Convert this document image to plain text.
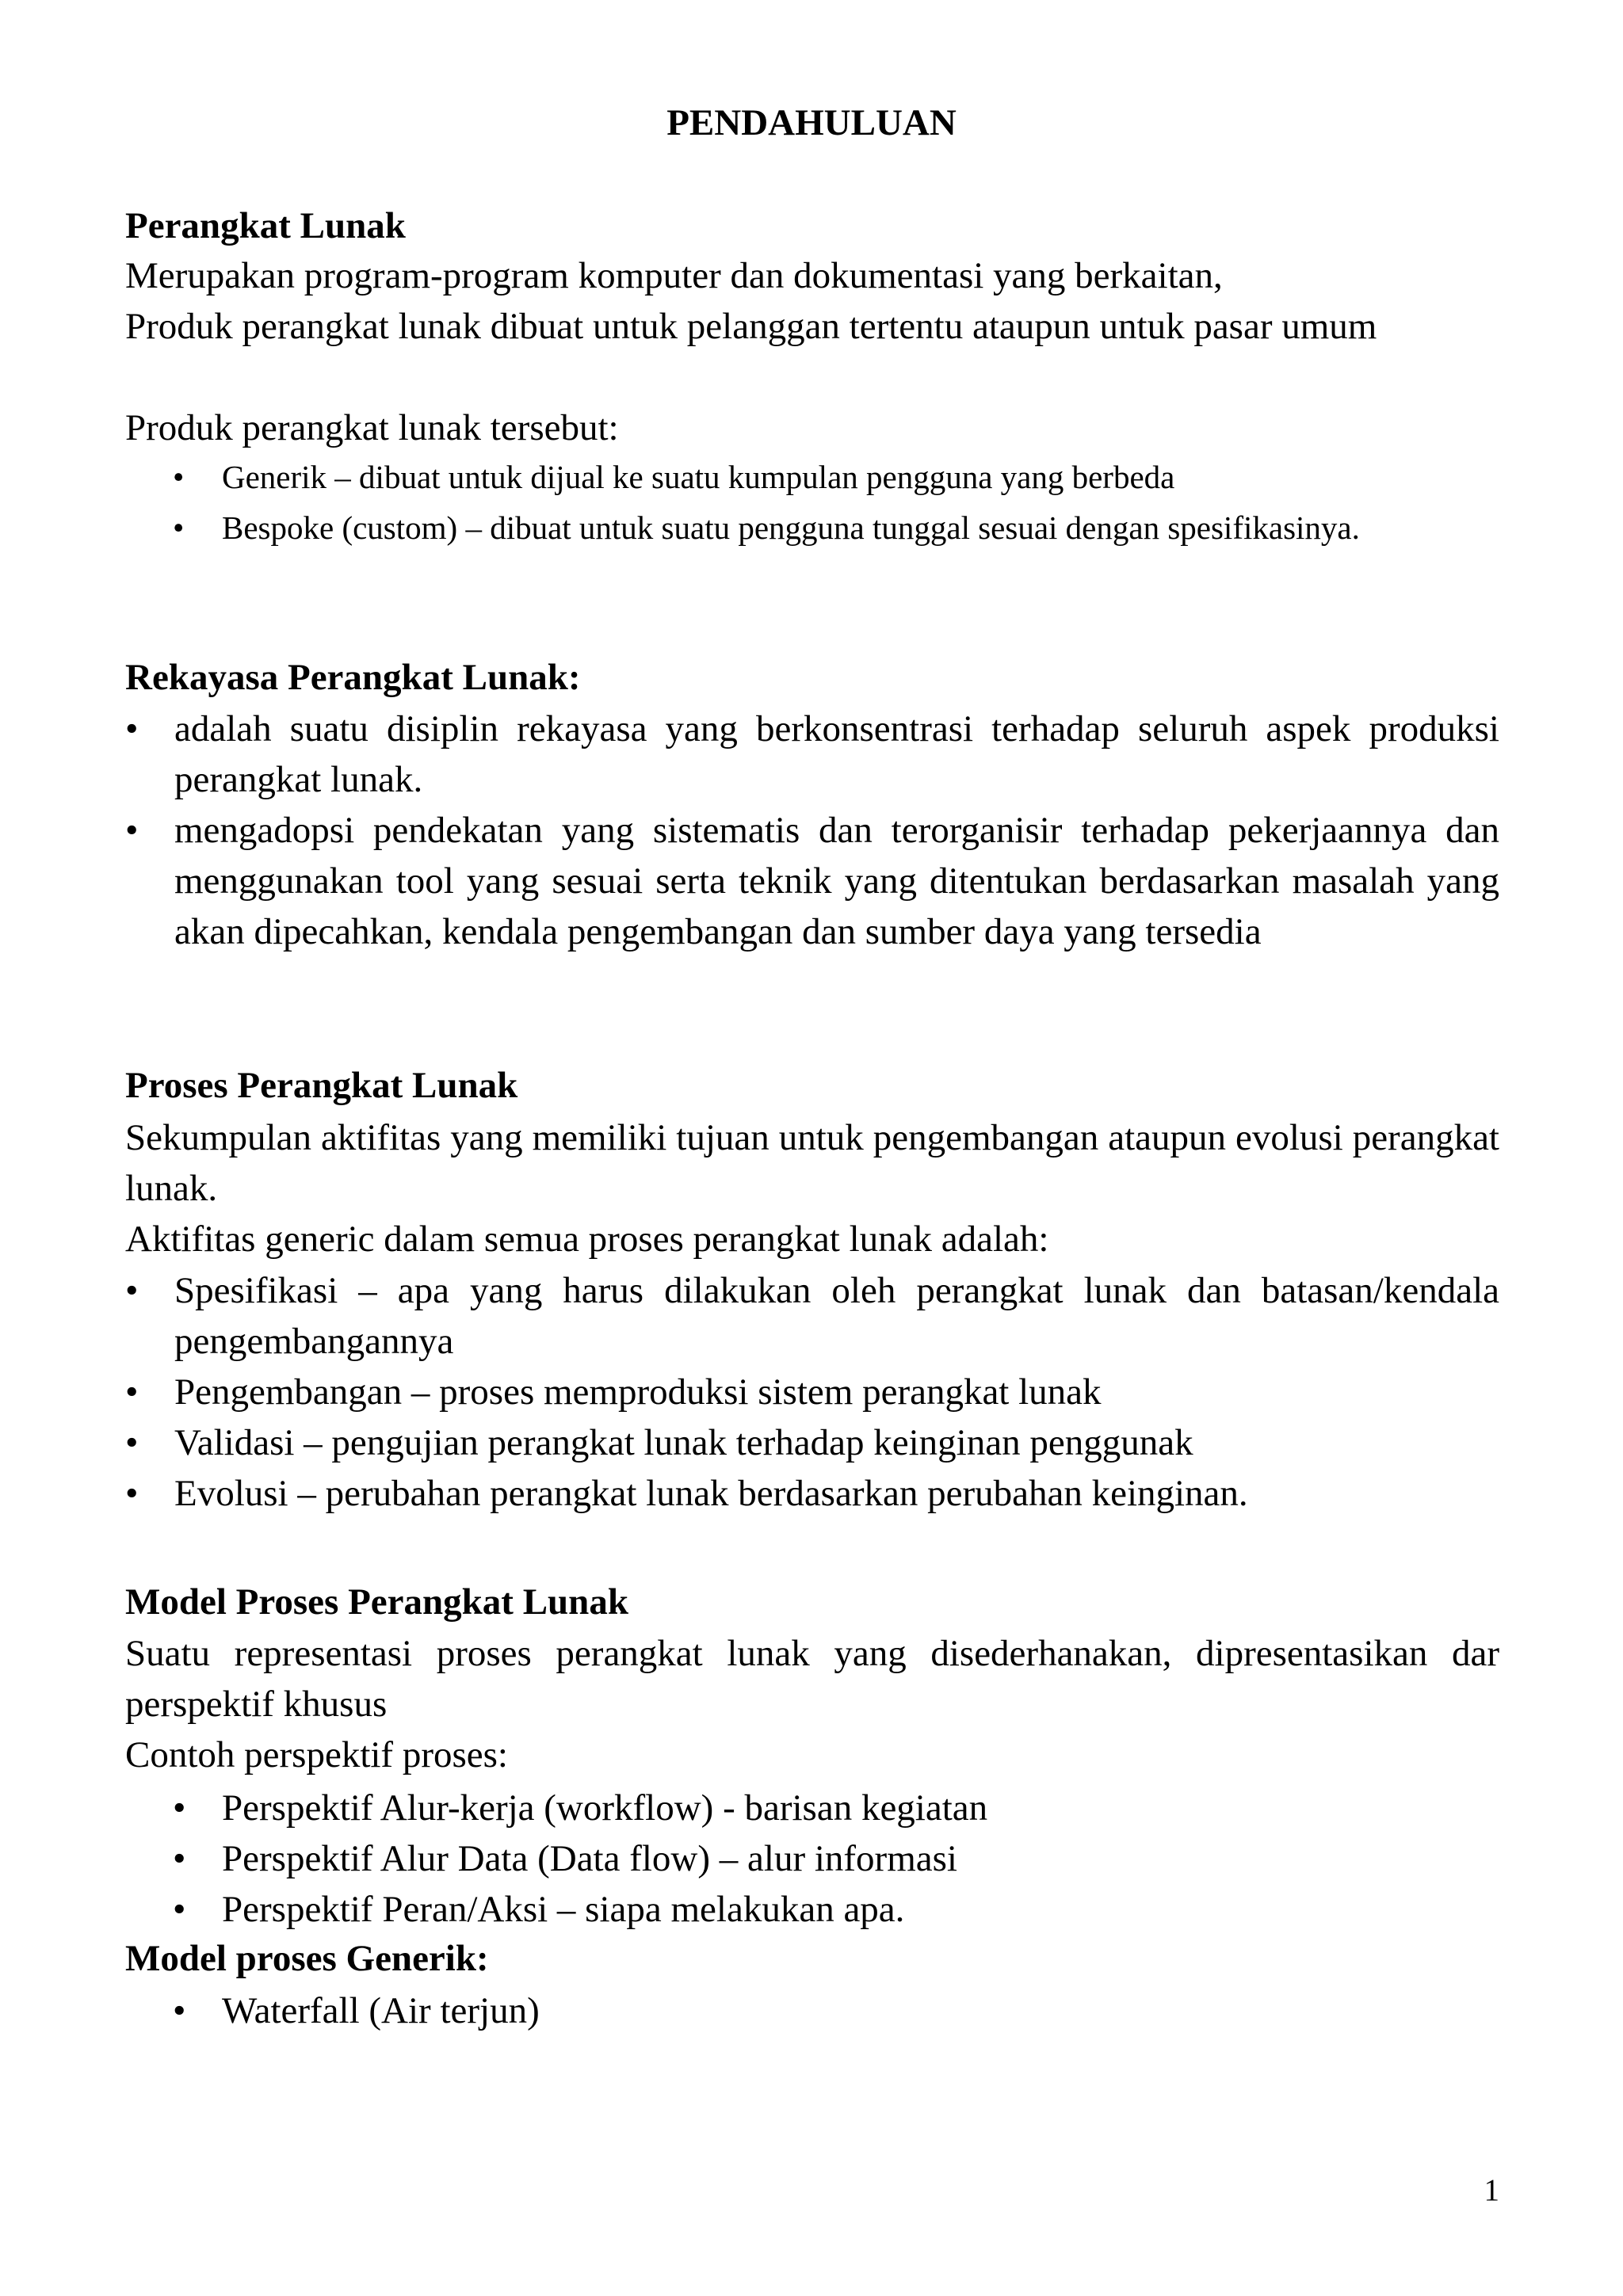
PENDAHULUAN
Perangkat Lunak

Merupakan program-program komputer dan dokumentasi yang berkaitan,

Produk perangkat lunak dibuat untuk pelanggan tertentu ataupun untuk pasar umum

Produk perangkat lunak tersebut:

• Generik – dibuat untuk dijual ke suatu kumpulan pengguna yang berbeda
• Bespoke (custom) – dibuat untuk suatu pengguna tunggal sesuai dengan spesifikasinya.
Rekayasa Perangkat Lunak:
• adalah suatu disiplin rekayasa yang berkonsentrasi terhadap seluruh aspek produksi perangkat lunak.
• mengadopsi pendekatan yang sistematis dan terorganisir terhadap pekerjaannya dan menggunakan tool yang sesuai serta teknik yang ditentukan berdasarkan masalah yang akan dipecahkan, kendala pengembangan dan sumber daya yang tersedia
Proses Perangkat Lunak

Sekumpulan aktifitas yang memiliki tujuan untuk pengembangan ataupun evolusi perangkat lunak.

Aktifitas generic dalam semua proses perangkat lunak adalah:

• Spesifikasi – apa yang harus dilakukan oleh perangkat lunak dan batasan/kendala pengembangannya
• Pengembangan – proses memproduksi sistem perangkat lunak
• Validasi – pengujian perangkat lunak terhadap keinginan penggunak
• Evolusi – perubahan perangkat lunak berdasarkan perubahan keinginan.
Model Proses Perangkat Lunak

Suatu representasi proses perangkat lunak yang disederhanakan, dipresentasikan dar perspektif khusus

Contoh perspektif proses:

• Perspektif Alur-kerja (workflow) - barisan kegiatan
• Perspektif Alur Data (Data flow) – alur informasi
• Perspektif Peran/Aksi – siapa melakukan apa.
Model proses Generik:
• Waterfall (Air terjun)

1
